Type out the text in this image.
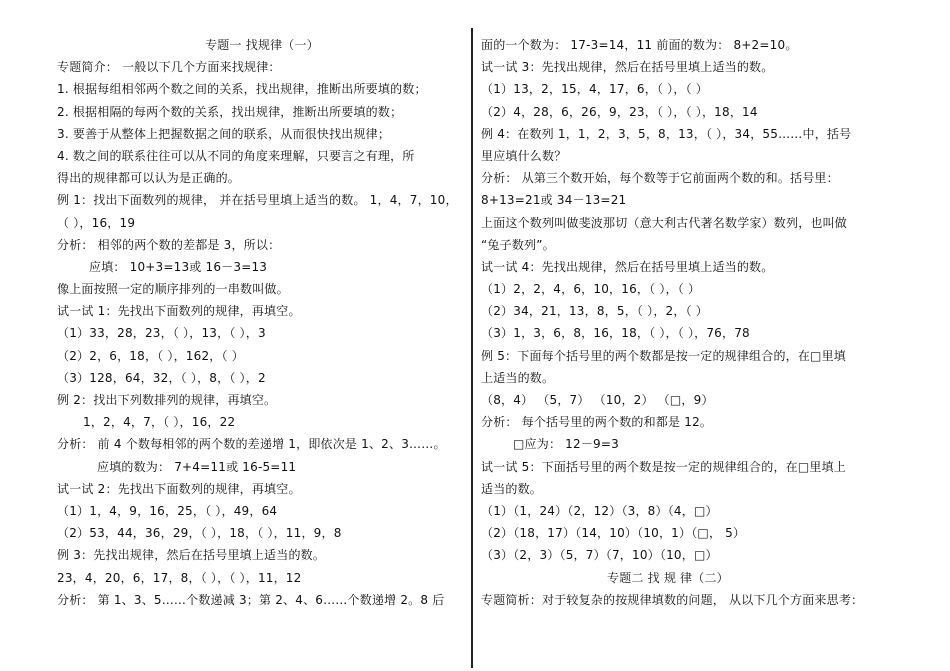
专题一 找规律（一）
专题简介： 一般以下几个方面来找规律：
1. 根据每组相邻两个数之间的关系，找出规律，推断出所要填的数；
2. 根据相隔的每两个数的关系，找出规律，推断出所要填的数；
3. 要善于从整体上把握数据之间的联系，从而很快找出规律；
4. 数之间的联系往往可以从不同的角度来理解，只要言之有理，所
得出的规律都可以认为是正确的。
例 1：找出下面数列的规律， 并在括号里填上适当的数。 1，4，7，10，
（ ），16，19
分析： 相邻的两个数的差都是 3，所以：
应填： 10+3=13或 16－3=13
像上面按照一定的顺序排列的一串数叫做。
试一试 1：先找出下面数列的规律，再填空。
（1）33，28，23，（ ），13，（ ），3
（2）2，6，18，（ ），162，（ ）
（3）128，64，32，（ ），8，（ ），2
例 2：找出下列数排列的规律，再填空。
1，2，4，7，（ ），16，22
分析： 前 4 个数每相邻的两个数的差递增 1，即依次是 1、2、3……。
应填的数为： 7+4=11或 16-5=11
试一试 2：先找出下面数列的规律，再填空。
（1）1，4，9，16，25，（ ），49，64
（2）53，44，36，29，（ ），18，（ ），11，9，8
例 3：先找出规律，然后在括号里填上适当的数。
23，4，20，6，17，8，（ ），（ ），11，12
分析： 第 1、3、5……个数递减 3；第 2、4、6……个数递增 2。8 后
面的一个数为： 17-3=14，11 前面的数为： 8+2=10。
试一试 3：先找出规律，然后在括号里填上适当的数。
（1）13，2，15，4，17，6，（ ），（ ）
（2）4，28，6，26，9，23，（ ），（ ），18，14
例 4：在数列 1，1，2，3，5，8，13，（ ），34，55……中，括号
里应填什么数？
分析： 从第三个数开始，每个数等于它前面两个数的和。括号里：
8+13=21或 34－13=21
上面这个数列叫做斐波那切（意大利古代著名数学家）数列，也叫做
“兔子数列”。
试一试 4：先找出规律，然后在括号里填上适当的数。
（1）2，2，4，6，10，16，（ ），（ ）
（2）34，21，13，8，5，（ ），2，（ ）
（3）1，3，6，8，16，18，（ ），（ ），76，78
例 5：下面每个括号里的两个数都是按一定的规律组合的，在□里填
上适当的数。
（8，4） （5，7） （10，2） （□，9）
分析： 每个括号里的两个数的和都是 12。
□应为： 12－9=3
试一试 5：下面括号里的两个数是按一定的规律组合的，在□里填上
适当的数。
（1）（1，24）（2，12）（3，8）（4，□）
（2）（18，17）（14，10）（10，1）（□， 5）
（3）（2，3）（5，7）（7，10）（10，□）
专题二 找 规 律（二）
专题简析：对于较复杂的按规律填数的问题， 从以下几个方面来思考：
